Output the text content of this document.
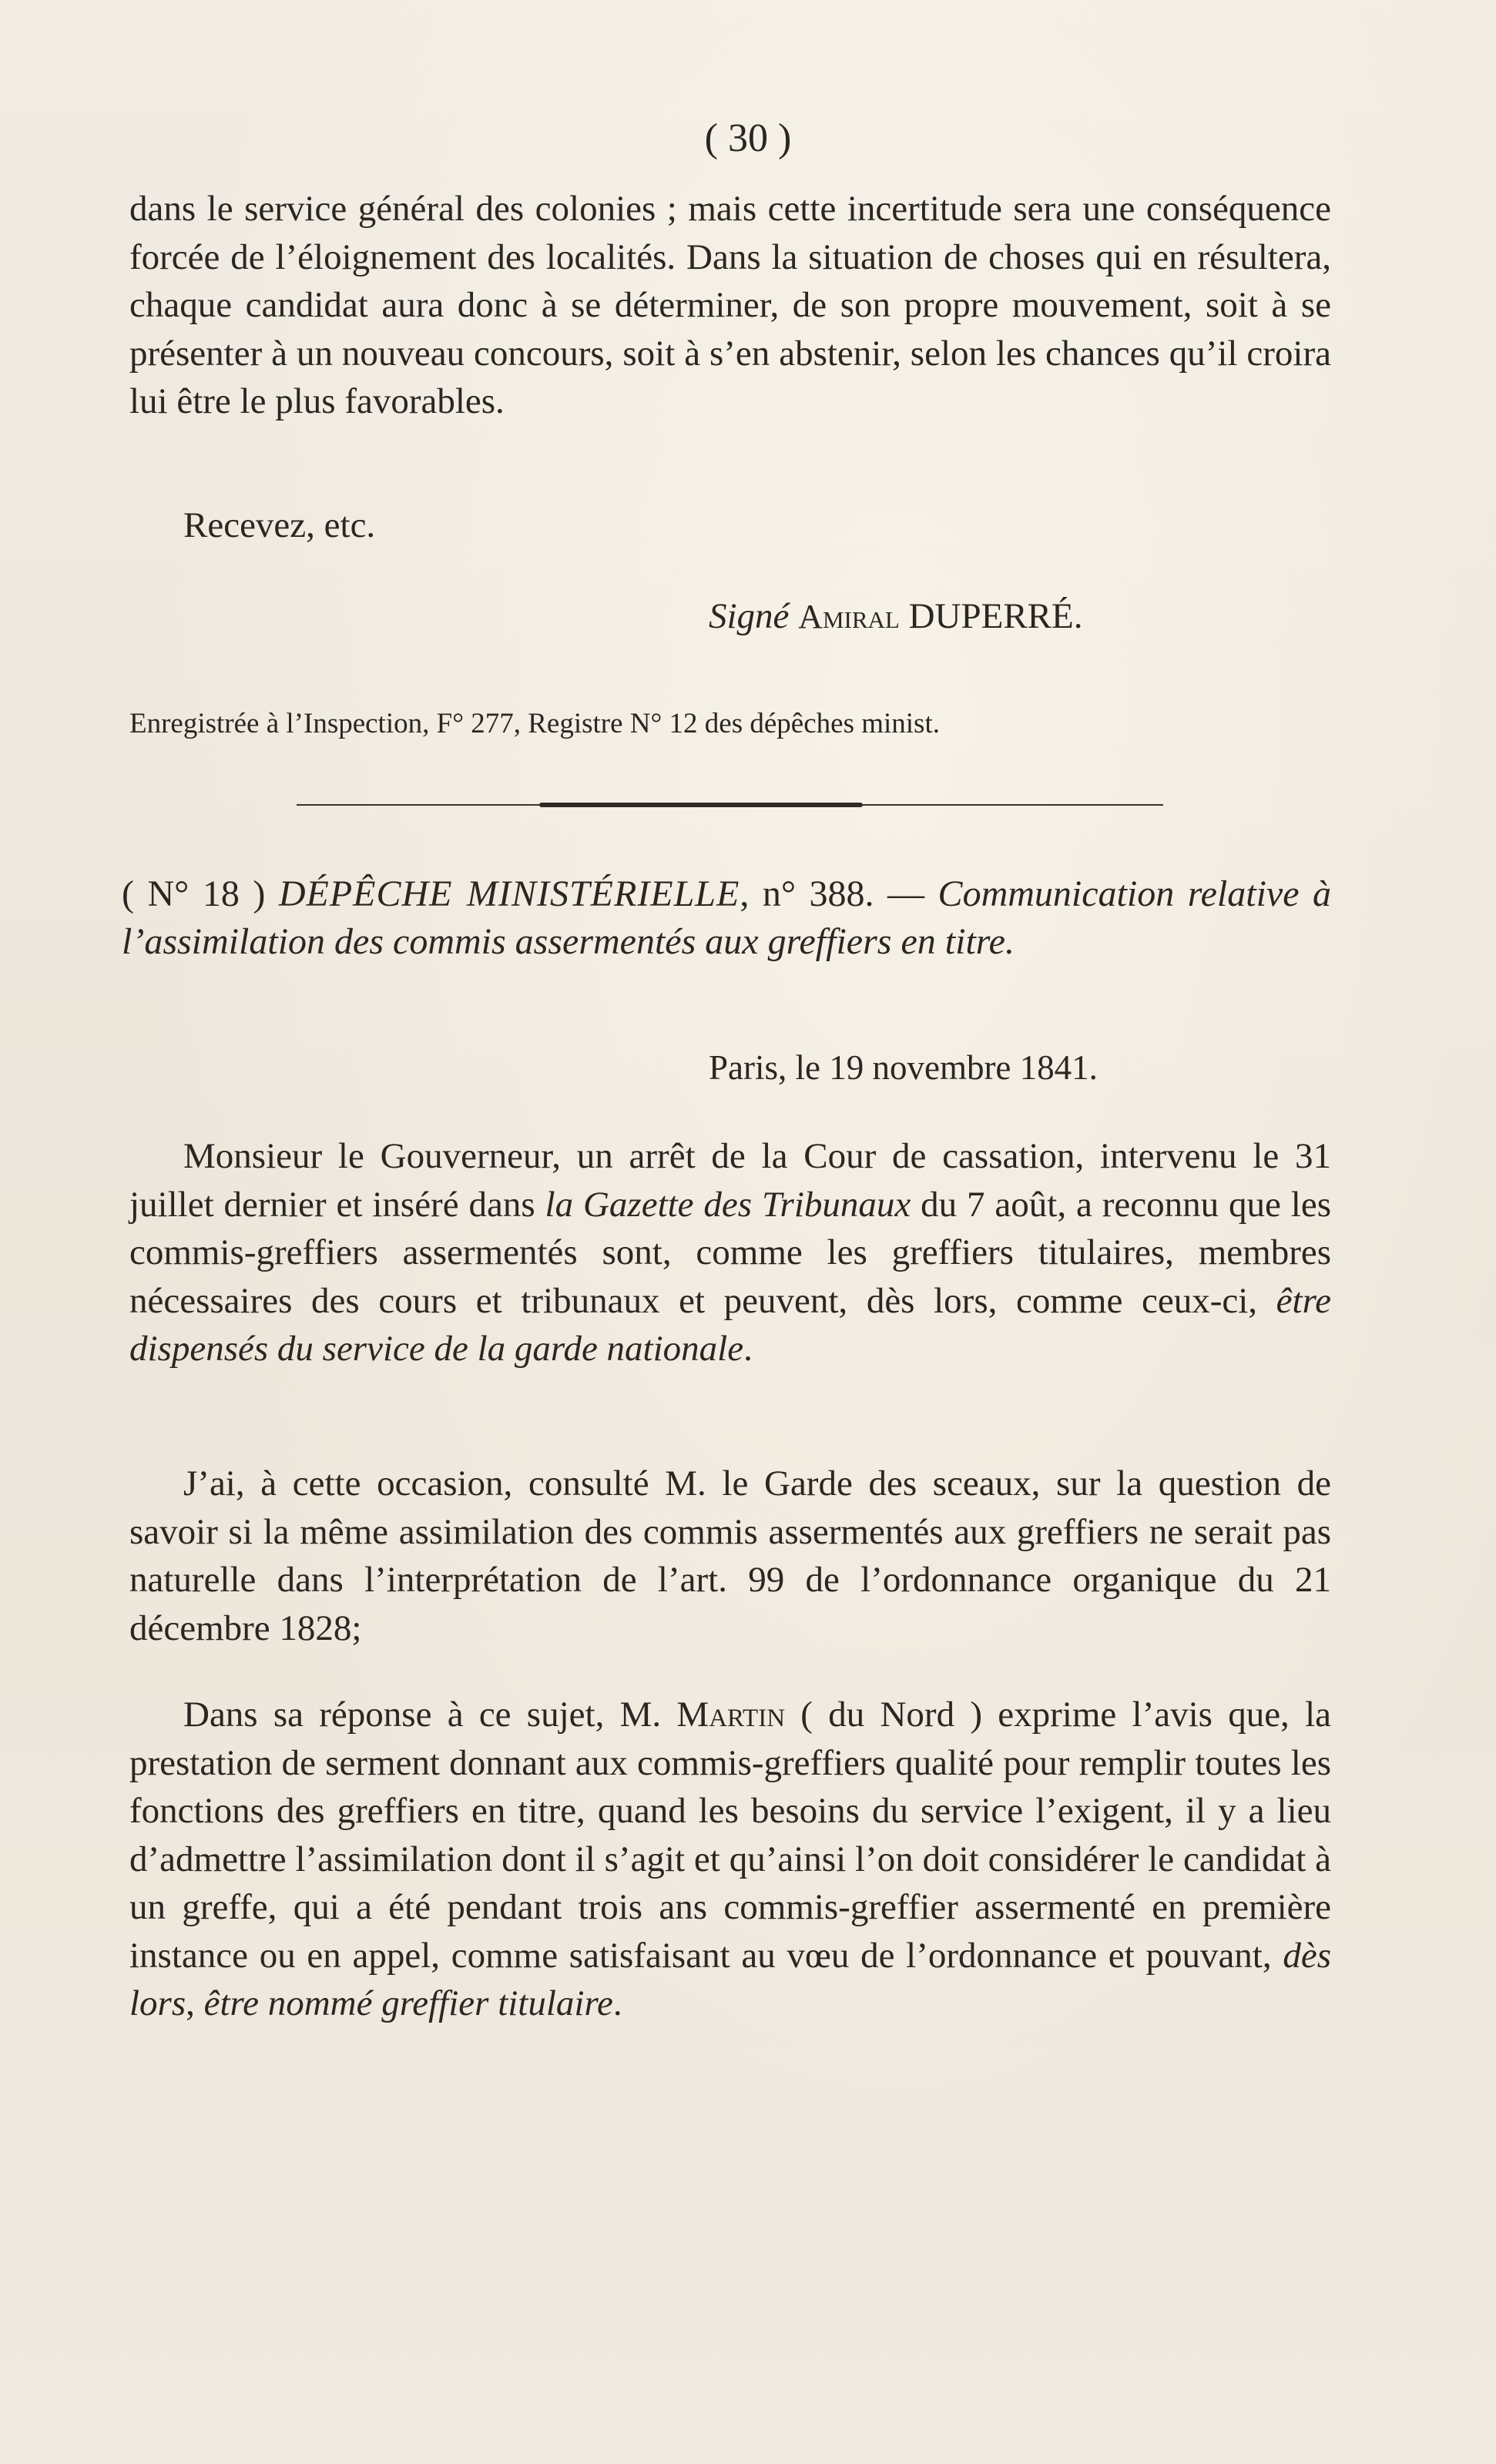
( 30 )
dans le service général des colonies ; mais cette incertitude sera une conséquence forcée de l’éloignement des localités. Dans la situation de choses qui en résultera, chaque candidat aura donc à se déterminer, de son propre mouvement, soit à se présenter à un nouveau concours, soit à s’en abstenir, selon les chances qu’il croira lui être le plus favorables.
Recevez, etc.
Signé Amiral DUPERRÉ.
Enregistrée à l’Inspection, F° 277, Registre N° 12 des dépêches minist.
( N° 18 ) DÉPÊCHE MINISTÉRIELLE, n° 388. — Communication relative à l’assimilation des commis assermentés aux greffiers en titre.
Paris, le 19 novembre 1841.
Monsieur le Gouverneur, un arrêt de la Cour de cassation, intervenu le 31 juillet dernier et inséré dans la Gazette des Tribunaux du 7 août, a reconnu que les commis-greffiers assermentés sont, comme les greffiers titulaires, membres nécessaires des cours et tribunaux et peuvent, dès lors, comme ceux-ci, être dispensés du service de la garde nationale.
J’ai, à cette occasion, consulté M. le Garde des sceaux, sur la question de savoir si la même assimilation des commis assermentés aux greffiers ne serait pas naturelle dans l’interprétation de l’art. 99 de l’ordonnance organique du 21 décembre 1828;
Dans sa réponse à ce sujet, M. Martin ( du Nord ) exprime l’avis que, la prestation de serment donnant aux commis-greffiers qualité pour remplir toutes les fonctions des greffiers en titre, quand les besoins du service l’exigent, il y a lieu d’admettre l’assimilation dont il s’agit et qu’ainsi l’on doit considérer le candidat à un greffe, qui a été pendant trois ans commis-greffier assermenté en première instance ou en appel, comme satisfaisant au vœu de l’ordonnance et pouvant, dès lors, être nommé greffier titulaire.
